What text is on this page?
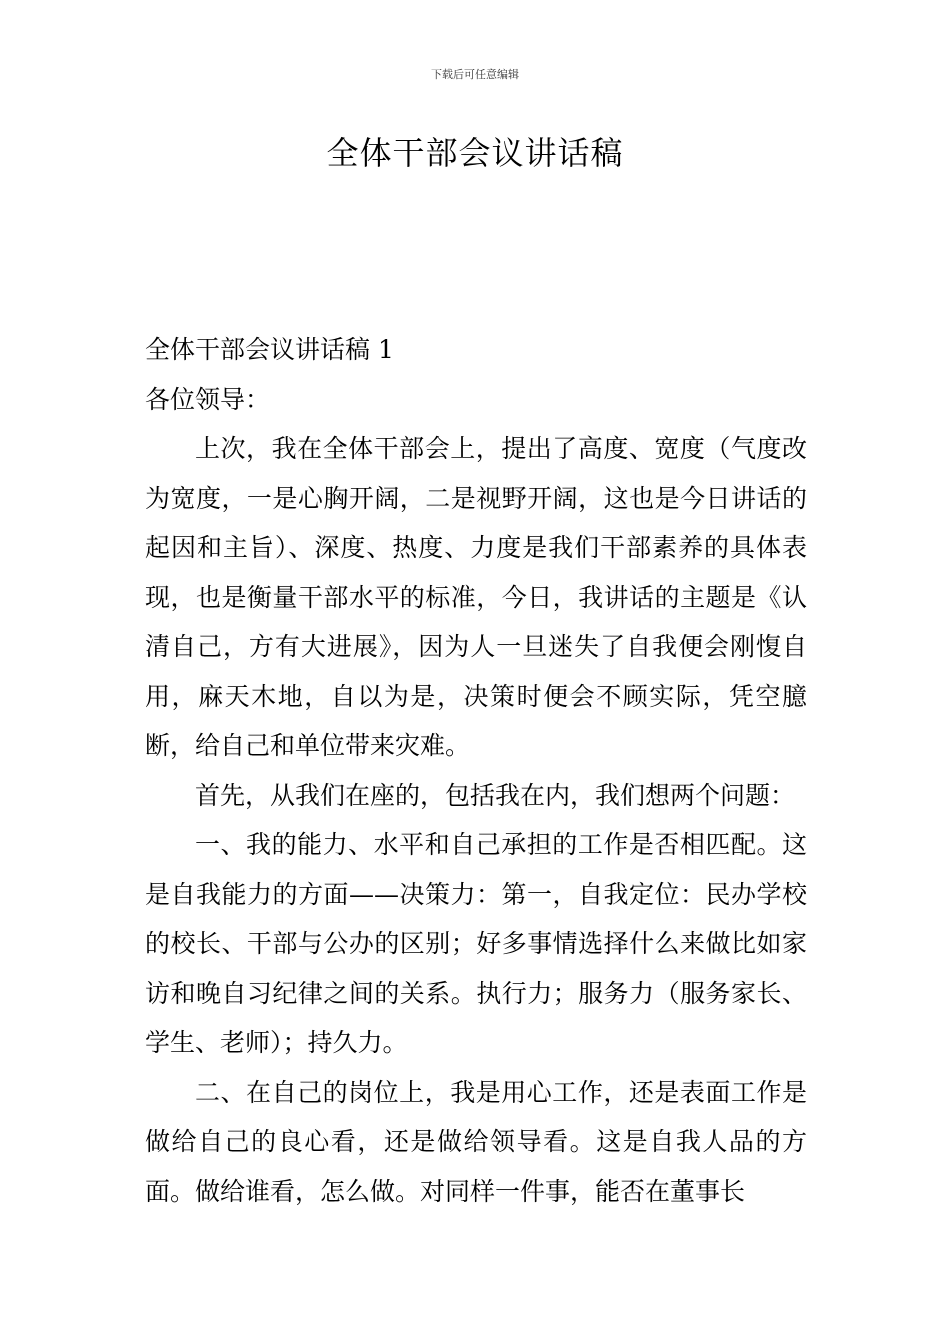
下载后可任意编辑
全体干部会议讲话稿

全体干部会议讲话稿 1

各位领导：

上次，我在全体干部会上，提出了高度、宽度（气度改为宽度，一是心胸开阔，二是视野开阔，这也是今日讲话的起因和主旨）、深度、热度、力度是我们干部素养的具体表现，也是衡量干部水平的标准，今日，我讲话的主题是《认清自己，方有大进展》，因为人一旦迷失了自我便会刚愎自用，麻天木地，自以为是，决策时便会不顾实际，凭空臆断，给自己和单位带来灾难。

首先，从我们在座的，包括我在内，我们想两个问题：

一、我的能力、水平和自己承担的工作是否相匹配。这是自我能力的方面——决策力：第一，自我定位：民办学校的校长、干部与公办的区别；好多事情选择什么来做比如家访和晚自习纪律之间的关系。执行力；服务力（服务家长、学生、老师）；持久力。

二、在自己的岗位上，我是用心工作，还是表面工作是做给自己的良心看，还是做给领导看。这是自我人品的方面。做给谁看，怎么做。对同样一件事，能否在董事长
